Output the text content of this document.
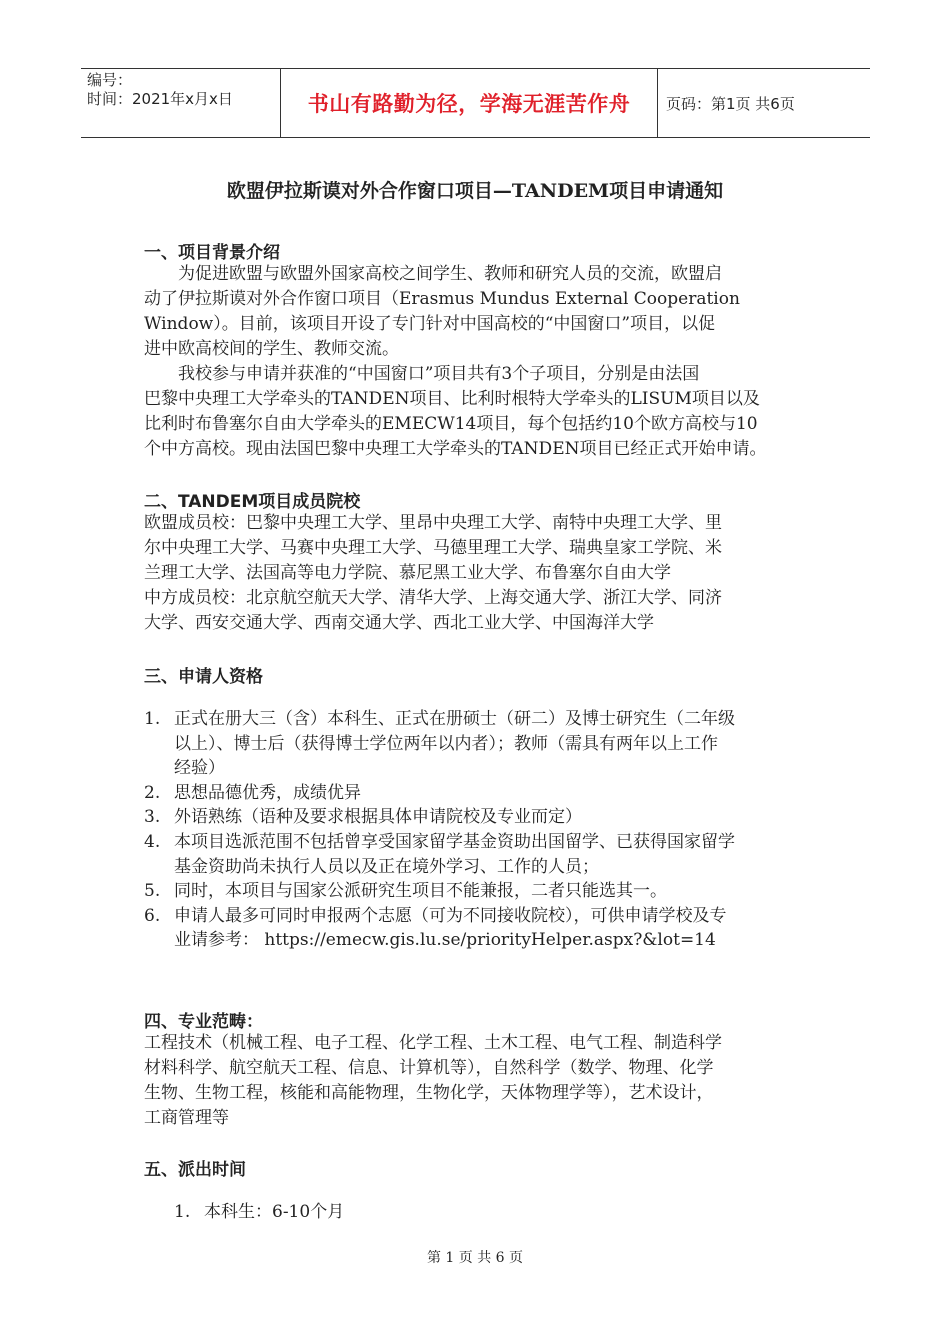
编号：
时间：2021年x月x日	书山有路勤为径，学海无涯苦作舟	页码：第1页 共6页
欧盟伊拉斯谟对外合作窗口项目—TANDEM项目申请通知
一、项目背景介绍
　　为促进欧盟与欧盟外国家高校之间学生、教师和研究人员的交流，欧盟启
动了伊拉斯谟对外合作窗口项目（Erasmus Mundus External Cooperation
Window）。目前，该项目开设了专门针对中国高校的“中国窗口”项目，以促
进中欧高校间的学生、教师交流。
　　我校参与申请并获准的“中国窗口”项目共有3个子项目，分别是由法国
巴黎中央理工大学牵头的TANDEN项目、比利时根特大学牵头的LISUM项目以及
比利时布鲁塞尔自由大学牵头的EMECW14项目，每个包括约10个欧方高校与10
个中方高校。现由法国巴黎中央理工大学牵头的TANDEN项目已经正式开始申请。
二、TANDEM项目成员院校
欧盟成员校：巴黎中央理工大学、里昂中央理工大学、南特中央理工大学、里
尔中央理工大学、马赛中央理工大学、马德里理工大学、瑞典皇家工学院、米
兰理工大学、法国高等电力学院、慕尼黑工业大学、布鲁塞尔自由大学
中方成员校：北京航空航天大学、清华大学、上海交通大学、浙江大学、同济
大学、西安交通大学、西南交通大学、西北工业大学、中国海洋大学
三、申请人资格
1. 正式在册大三（含）本科生、正式在册硕士（研二）及博士研究生（二年级
以上）、博士后（获得博士学位两年以内者）；教师（需具有两年以上工作
经验）
2. 思想品德优秀，成绩优异
3. 外语熟练（语种及要求根据具体申请院校及专业而定）
4. 本项目选派范围不包括曾享受国家留学基金资助出国留学、已获得国家留学
基金资助尚未执行人员以及正在境外学习、工作的人员；
5. 同时，本项目与国家公派研究生项目不能兼报，二者只能选其一。
6. 申请人最多可同时申报两个志愿（可为不同接收院校），可供申请学校及专
业请参考： https://emecw.gis.lu.se/priorityHelper.aspx?&lot=14
四、专业范畴：
工程技术（机械工程、电子工程、化学工程、土木工程、电气工程、制造科学
材料科学、航空航天工程、信息、计算机等），自然科学（数学、物理、化学
生物、生物工程，核能和高能物理，生物化学，天体物理学等），艺术设计，
工商管理等
五、派出时间
1. 本科生：6-10个月
第 1 页 共 6 页
